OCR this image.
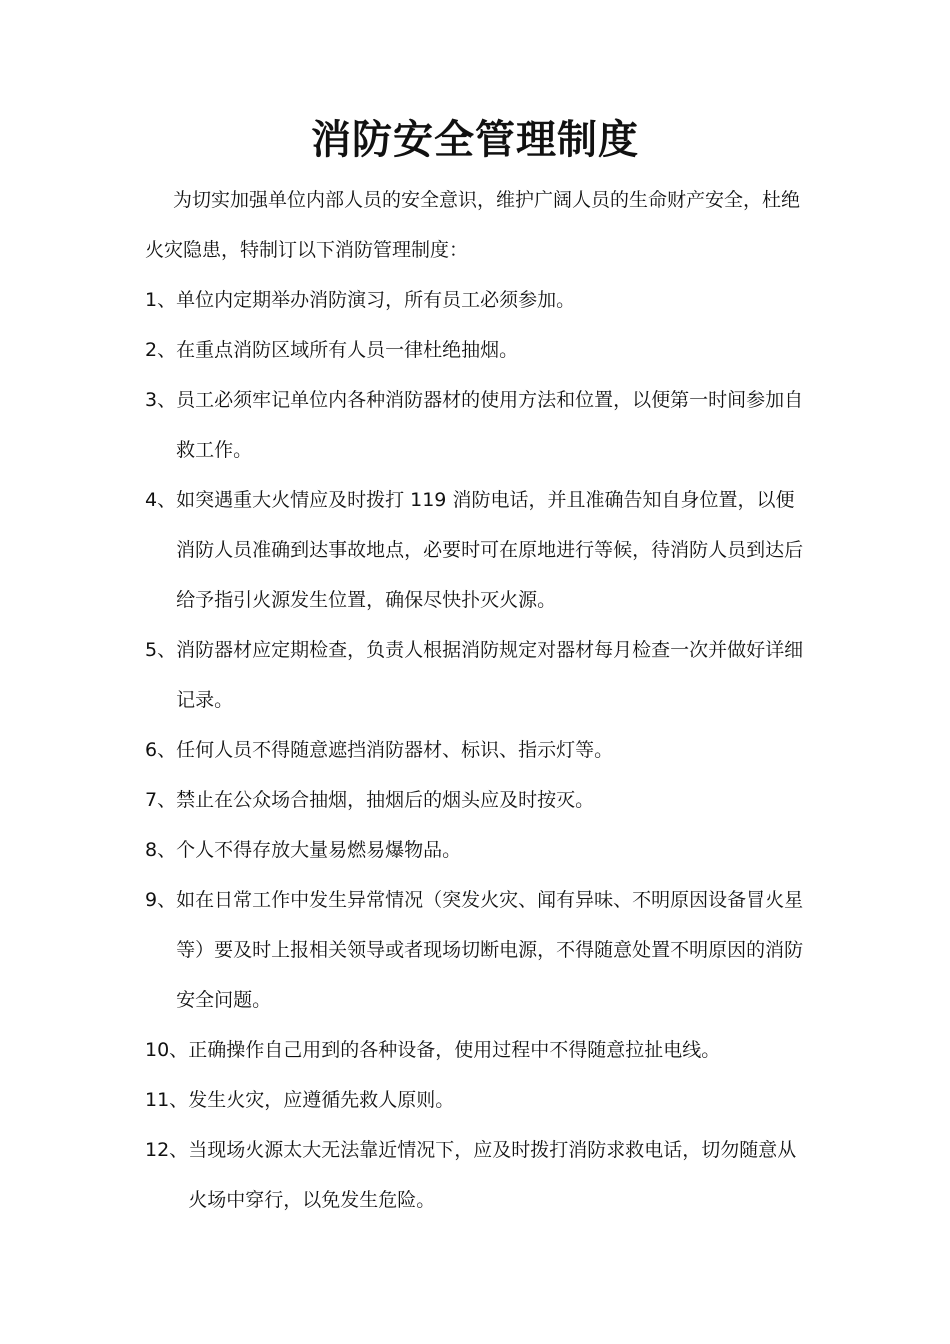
消防安全管理制度

为切实加强单位内部人员的安全意识，维护广阔人员的生命财产安全，杜绝火灾隐患，特制订以下消防管理制度：

1、 单位内定期举办消防演习，所有员工必须参加。
2、 在重点消防区域所有人员一律杜绝抽烟。
3、 员工必须牢记单位内各种消防器材的使用方法和位置，以便第一时间参加自救工作。
4、 如突遇重大火情应及时拨打 119 消防电话，并且准确告知自身位置，以便消防人员准确到达事故地点，必要时可在原地进行等候，待消防人员到达后给予指引火源发生位置，确保尽快扑灭火源。
5、 消防器材应定期检查，负责人根据消防规定对器材每月检查一次并做好详细记录。
6、 任何人员不得随意遮挡消防器材、标识、指示灯等。
7、 禁止在公众场合抽烟，抽烟后的烟头应及时按灭。
8、 个人不得存放大量易燃易爆物品。
9、 如在日常工作中发生异常情况（突发火灾、闻有异味、不明原因设备冒火星等）要及时上报相关领导或者现场切断电源，不得随意处置不明原因的消防安全问题。
10、 正确操作自己用到的各种设备，使用过程中不得随意拉扯电线。
11、 发生火灾，应遵循先救人原则。
12、 当现场火源太大无法靠近情况下，应及时拨打消防求救电话，切勿随意从火场中穿行，以免发生危险。
